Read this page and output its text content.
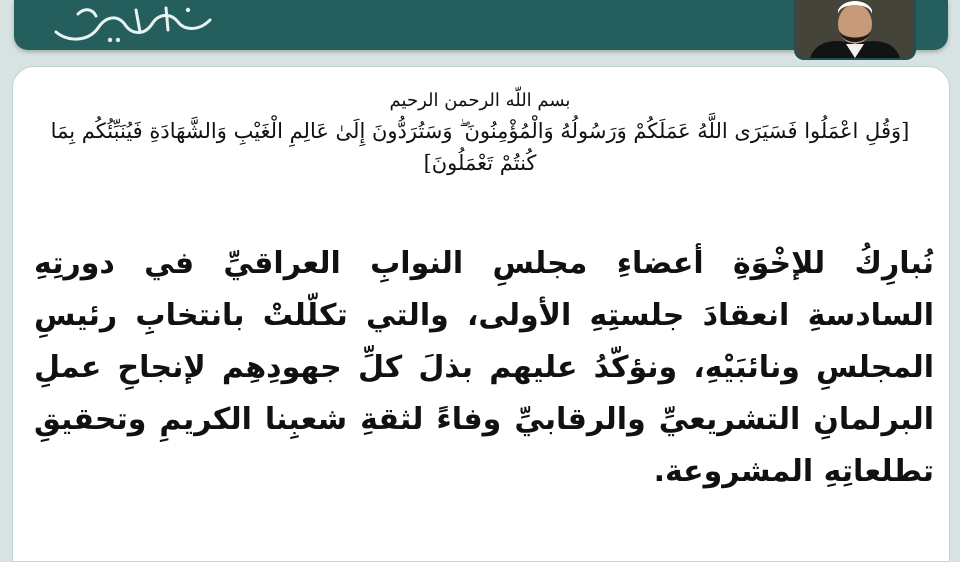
بسم اللّه الرحمن الرحيم
[وَقُلِ اعْمَلُوا فَسَيَرَى اللَّهُ عَمَلَكُمْ وَرَسُولُهُ وَالْمُؤْمِنُونَ ۖ وَسَتُرَدُّونَ إِلَىٰ عَالِمِ الْغَيْبِ وَالشَّهَادَةِ فَيُنَبِّئُكُم بِمَا كُنتُمْ تَعْمَلُونَ]
نُبارِكُ للإخْوَةِ أعضاءِ مجلسِ النوابِ العراقيِّ في دورتِهِ السادسةِ انعقادَ جلستِهِ الأولى، والتي تكلّلتْ بانتخابِ رئيسِ المجلسِ ونائبَيْهِ، ونؤكّدُ عليهم بذلَ كلِّ جهودِهِم لإنجاحِ عملِ البرلمانِ التشريعيِّ والرقابيِّ وفاءً لثقةِ شعبِنا الكريمِ وتحقيقِ تطلعاتِهِ المشروعة.
